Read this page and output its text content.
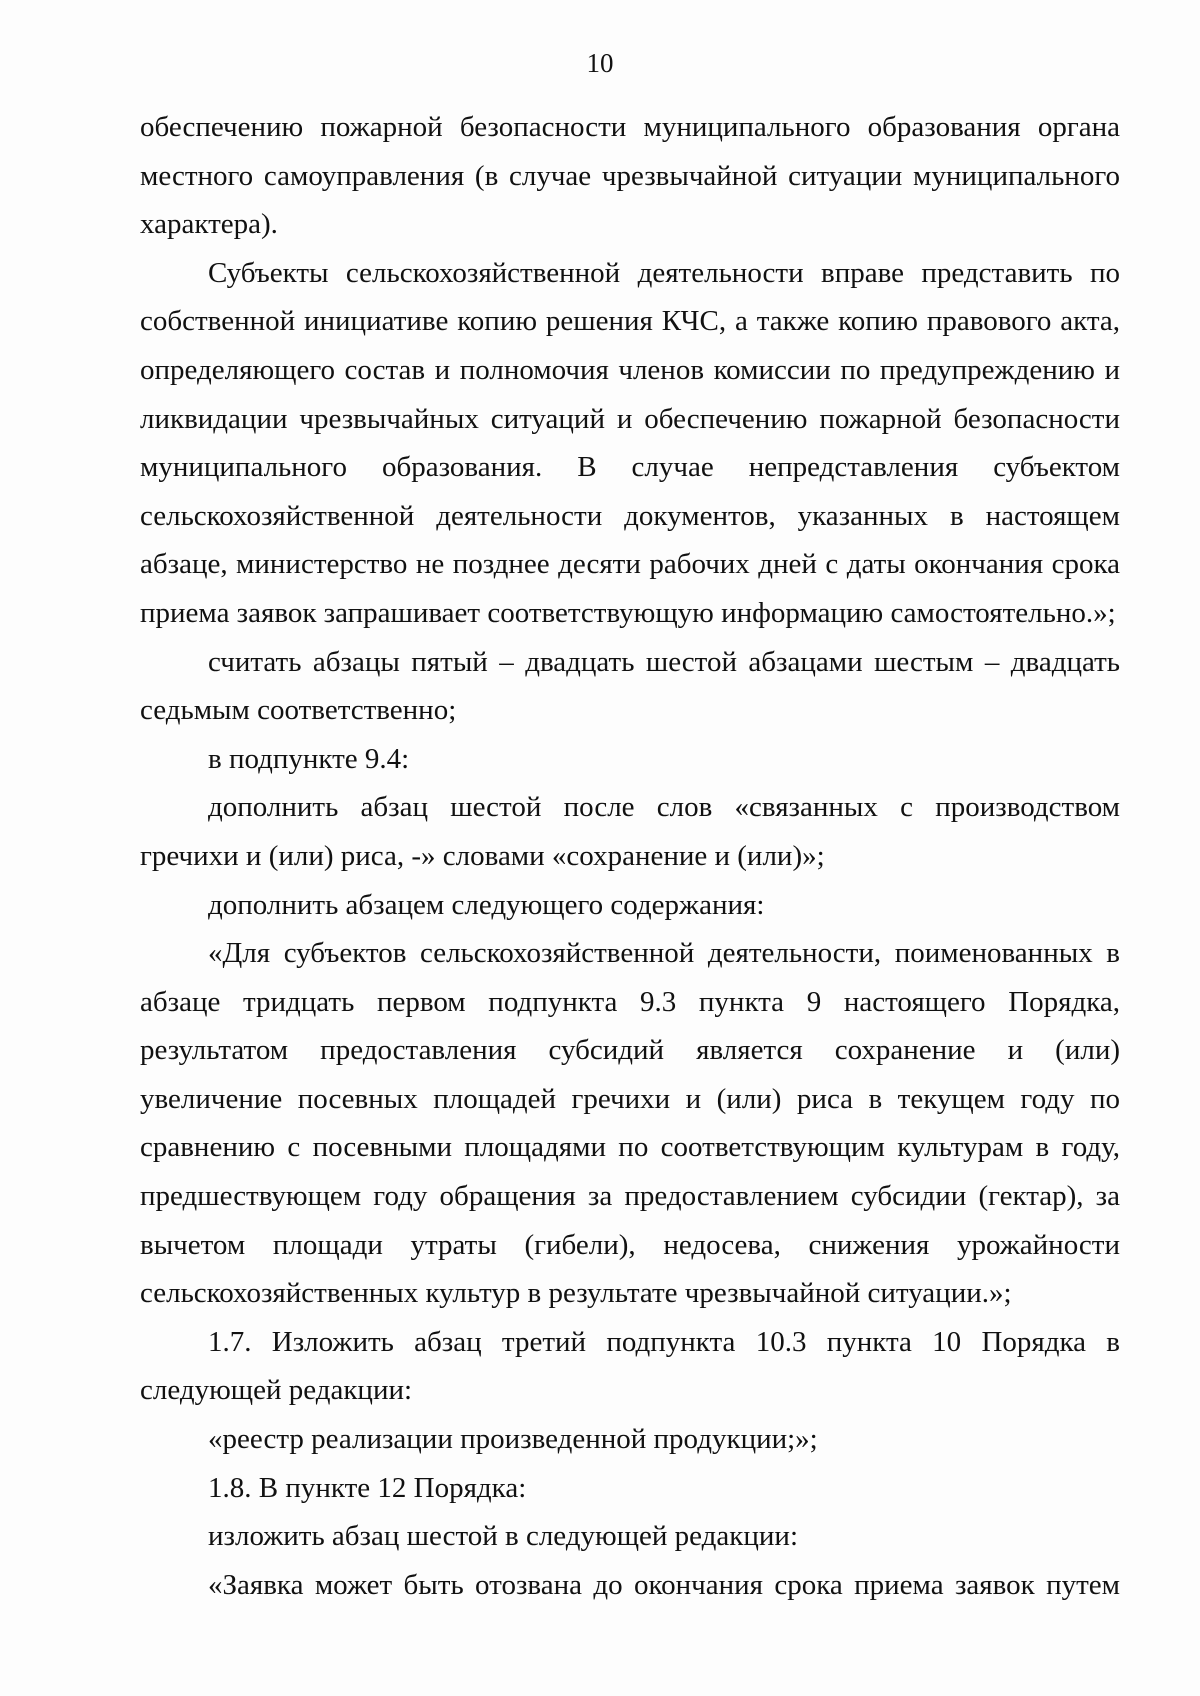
10

обеспечению пожарной безопасности муниципального образования органа местного самоуправления (в случае чрезвычайной ситуации муниципального характера).

Субъекты сельскохозяйственной деятельности вправе представить по собственной инициативе копию решения КЧС, а также копию правового акта, определяющего состав и полномочия членов комиссии по предупреждению и ликвидации чрезвычайных ситуаций и обеспечению пожарной безопасности муниципального образования. В случае непредставления субъектом сельскохозяйственной деятельности документов, указанных в настоящем абзаце, министерство не позднее десяти рабочих дней с даты окончания срока приема заявок запрашивает соответствующую информацию самостоятельно.»;

считать абзацы пятый – двадцать шестой абзацами шестым – двадцать седьмым соответственно;

в подпункте 9.4:

дополнить абзац шестой после слов «связанных с производством гречихи и (или) риса, -» словами «сохранение и (или)»;

дополнить абзацем следующего содержания:

«Для субъектов сельскохозяйственной деятельности, поименованных в абзаце тридцать первом подпункта 9.3 пункта 9 настоящего Порядка, результатом предоставления субсидий является сохранение и (или) увеличение посевных площадей гречихи и (или) риса в текущем году по сравнению с посевными площадями по соответствующим культурам в году, предшествующем году обращения за предоставлением субсидии (гектар), за вычетом площади утраты (гибели), недосева, снижения урожайности сельскохозяйственных культур в результате чрезвычайной ситуации.»;

1.7. Изложить абзац третий подпункта 10.3 пункта 10 Порядка в следующей редакции:

«реестр реализации произведенной продукции;»;

1.8. В пункте 12 Порядка:

изложить абзац шестой в следующей редакции:

«Заявка может быть отозвана до окончания срока приема заявок путем
